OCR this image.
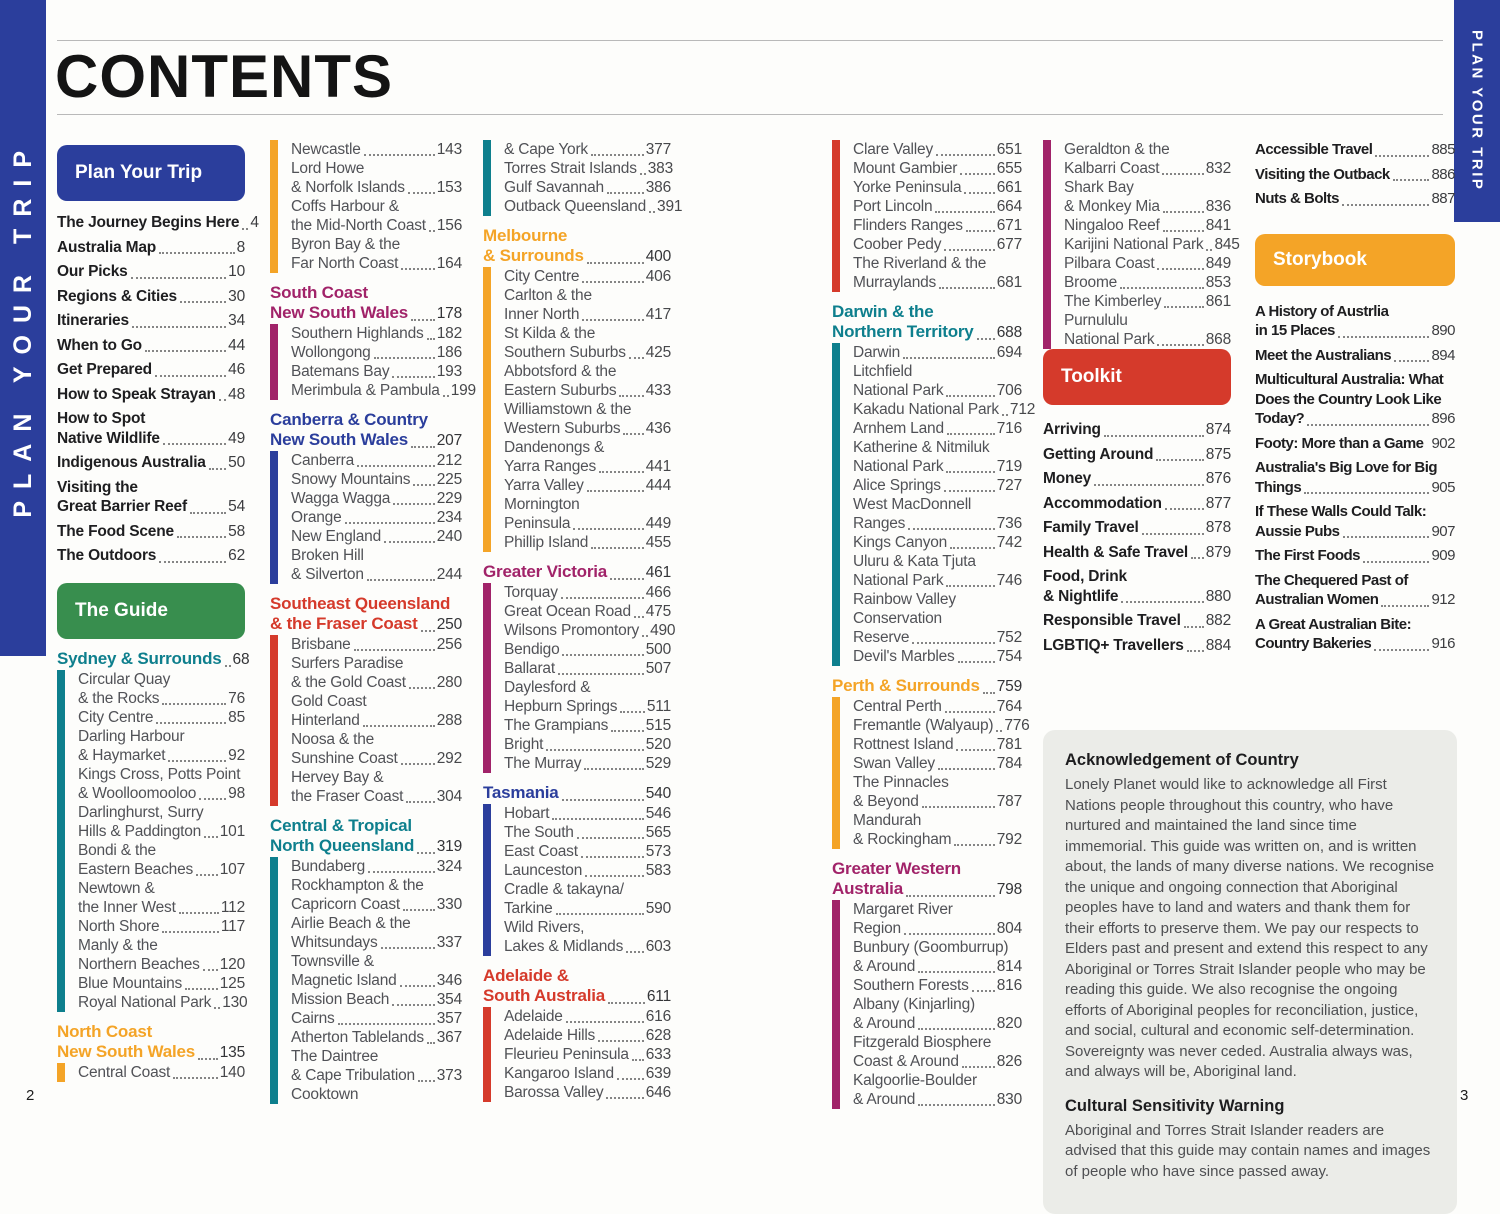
PLAN YOUR TRIP
PLAN YOUR TRIP
CONTENTS
Plan Your Trip
The Journey Begins Here 4
Australia Map	8
Our Picks	10
Regions & Cities	30
Itineraries	34
When to Go	44
Get Prepared	46
How to Speak Strayan 48
How to Spot
Native Wildlife	49
Indigenous Australia 50
Visiting the
Great Barrier Reef	54
The Food Scene	58
The Outdoors	62
The Guide
Sydney & Surrounds 68
Circular Quay
& the Rocks	76
City Centre	85
Darling Harbour
& Haymarket	92
Kings Cross, Potts Point
& Woolloomooloo 98
Darlinghurst, Surry
Hills & Paddington 101
Bondi & the
Eastern Beaches 107
Newtown &
the Inner West	112
North Shore	117
Manly & the
Northern Beaches 120
Blue Mountains 125
Royal National Park 130
North Coast
New South Wales 135
Central Coast	140
Newcastle	143
Lord Howe
& Norfolk Islands 153
Coffs Harbour &
the Mid-North Coast 156
Byron Bay & the
Far North Coast 164
South Coast
New South Wales 178
Southern Highlands 182
Wollongong	186
Batemans Bay	193
Merimbula & Pambula 199
Canberra & Country
New South Wales 207
Canberra	212
Snowy Mountains 225
Wagga Wagga	229
Orange	234
New England	240
Broken Hill
& Silverton	244
Southeast Queensland
& the Fraser Coast 250
Brisbane	256
Surfers Paradise
& the Gold Coast 280
Gold Coast
Hinterland	288
Noosa & the
Sunshine Coast	292
Hervey Bay &
the Fraser Coast 304
Central & Tropical
North Queensland 319
Bundaberg	324
Rockhampton & the
Capricorn Coast 330
Airlie Beach & the
Whitsundays	337
Townsville &
Magnetic Island	346
Mission Beach	354
Cairns	357
Atherton Tablelands 367
The Daintree
& Cape Tribulation 373
Cooktown
& Cape York	377
Torres Strait Islands 383
Gulf Savannah	386
Outback Queensland 391
Melbourne
& Surrounds	400
City Centre	406
Carlton & the
Inner North	417
St Kilda & the
Southern Suburbs 425
Abbotsford & the
Eastern Suburbs 433
Williamstown & the
Western Suburbs 436
Dandenongs &
Yarra Ranges	441
Yarra Valley	444
Mornington
Peninsula	449
Phillip Island	455
Greater Victoria 461
Torquay	466
Great Ocean Road 475
Wilsons Promontory 490
Bendigo	500
Ballarat	507
Daylesford &
Hepburn Springs 511
The Grampians 515
Bright	520
The Murray	529
Tasmania	540
Hobart	546
The South	565
East Coast	573
Launceston	583
Cradle & takayna/
Tarkine	590
Wild Rivers,
Lakes & Midlands 603
Adelaide &
South Australia	611
Adelaide	616
Adelaide Hills	628
Fleurieu Peninsula 633
Kangaroo Island 639
Barossa Valley	646
Clare Valley	651
Mount Gambier	655
Yorke Peninsula 661
Port Lincoln	664
Flinders Ranges 671
Coober Pedy	677
The Riverland & the
Murraylands	681
Darwin & the
Northern Territory 688
Darwin	694
Litchfield
National Park	706
Kakadu National Park 712
Arnhem Land	716
Katherine & Nitmiluk
National Park	719
Alice Springs	727
West MacDonnell
Ranges	736
Kings Canyon	742
Uluru & Kata Tjuta
National Park	746
Rainbow Valley
Conservation
Reserve	752
Devil's Marbles	754
Perth & Surrounds 759
Central Perth	764
Fremantle (Walyaup) 776
Rottnest Island	781
Swan Valley	784
The Pinnacles
& Beyond	787
Mandurah
& Rockingham	792
Greater Western
Australia	798
Margaret River
Region	804
Bunbury (Goomburrup)
& Around	814
Southern Forests 816
Albany (Kinjarling)
& Around	820
Fitzgerald Biosphere
Coast & Around 826
Kalgoorlie-Boulder
& Around	830
Geraldton & the
Kalbarri Coast	832
Shark Bay
& Monkey Mia	836
Ningaloo Reef	841
Karijini National Park 845
Pilbara Coast	849
Broome	853
The Kimberley	861
Purnululu
National Park	868
Toolkit
Arriving	874
Getting Around	875
Money	876
Accommodation	877
Family Travel	878
Health & Safe Travel 879
Food, Drink
& Nightlife	880
Responsible Travel 882
LGBTIQ+ Travellers 884
Accessible Travel	885
Visiting the Outback	886
Nuts & Bolts	887
Storybook
A History of Austrlia
in 15 Places	890
Meet the Australians	894
Multicultural Australia: What
Does the Country Look Like
Today?	896
Footy: More than a Game 902
Australia's Big Love for Big
Things	905
If These Walls Could Talk:
Aussie Pubs	907
The First Foods	909
The Chequered Past of
Australian Women	912
A Great Australian Bite:
Country Bakeries	916
Acknowledgement of Country

Lonely Planet would like to acknowledge all First Nations people throughout this country, who have nurtured and maintained the land since time immemorial. This guide was written on, and is written about, the lands of many diverse nations. We recognise the unique and ongoing connection that Aboriginal peoples have to land and waters and thank them for their efforts to preserve them. We pay our respects to Elders past and present and extend this respect to any Aboriginal or Torres Strait Islander people who may be reading this guide. We also recognise the ongoing efforts of Aboriginal peoples for reconciliation, justice, and social, cultural and economic self-determination. Sovereignty was never ceded. Australia always was, and always will be, Aboriginal land.

Cultural Sensitivity Warning

Aboriginal and Torres Strait Islander readers are advised that this guide may contain names and images of people who have since passed away.

2	3
